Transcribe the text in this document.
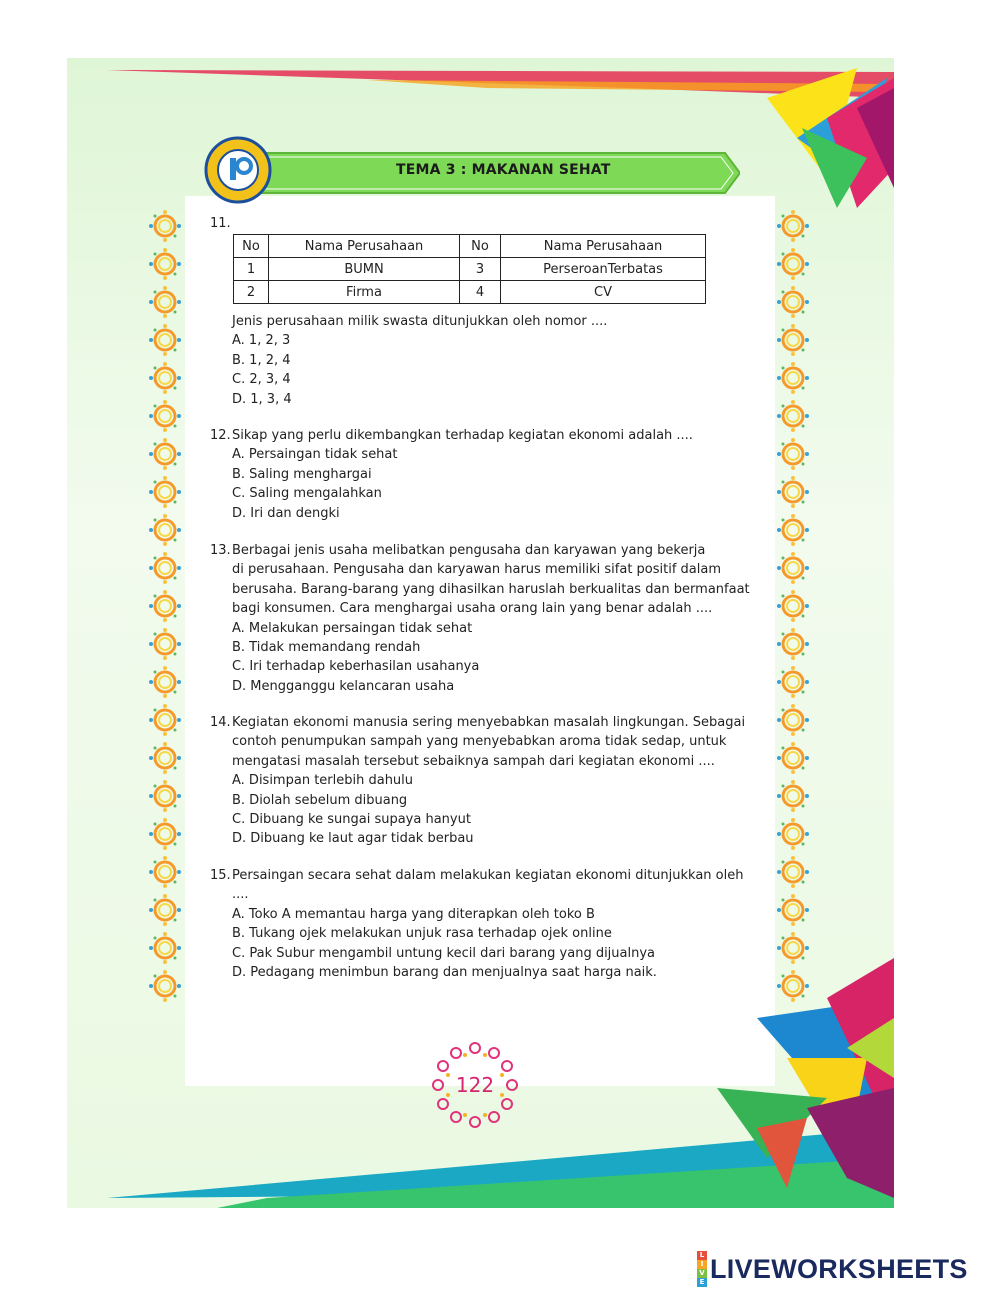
TEMA 3 : MAKANAN SEHAT
11.
No	Nama Perusahaan	No	Nama Perusahaan
1	BUMN	3	PerseroanTerbatas
2	Firma	4	CV

Jenis perusahaan milik swasta ditunjukkan oleh nomor ....

A. 1, 2, 3

B. 1, 2, 4

C. 2, 3, 4

D. 1, 3, 4

12.Sikap yang perlu dikembangkan terhadap kegiatan ekonomi adalah ....

A. Persaingan tidak sehat

B. Saling menghargai

C. Saling mengalahkan

D. Iri dan dengki

13.Berbagai jenis usaha melibatkan pengusaha dan karyawan yang bekerja

di perusahaan. Pengusaha dan karyawan harus memiliki sifat positif dalam

berusaha. Barang-barang yang dihasilkan haruslah berkualitas dan bermanfaat

bagi konsumen. Cara menghargai usaha orang lain yang benar adalah ....

A. Melakukan persaingan tidak sehat

B. Tidak memandang rendah

C. Iri terhadap keberhasilan usahanya

D. Mengganggu kelancaran usaha

14.Kegiatan ekonomi manusia sering menyebabkan masalah lingkungan. Sebagai

contoh penumpukan sampah yang menyebabkan aroma tidak sedap, untuk

mengatasi masalah tersebut sebaiknya sampah dari kegiatan ekonomi ....

A. Disimpan terlebih dahulu

B. Diolah sebelum dibuang

C. Dibuang ke sungai supaya hanyut

D. Dibuang ke laut agar tidak berbau

15.Persaingan secara sehat dalam melakukan kegiatan ekonomi ditunjukkan oleh

....

A. Toko A memantau harga yang diterapkan oleh toko B

B. Tukang ojek melakukan unjuk rasa terhadap ojek online

C. Pak Subur mengambil untung kecil dari barang yang dijualnya

D. Pedagang menimbun barang dan menjualnya saat harga naik.

122
L
I
V
E LIVEWORKSHEETS
